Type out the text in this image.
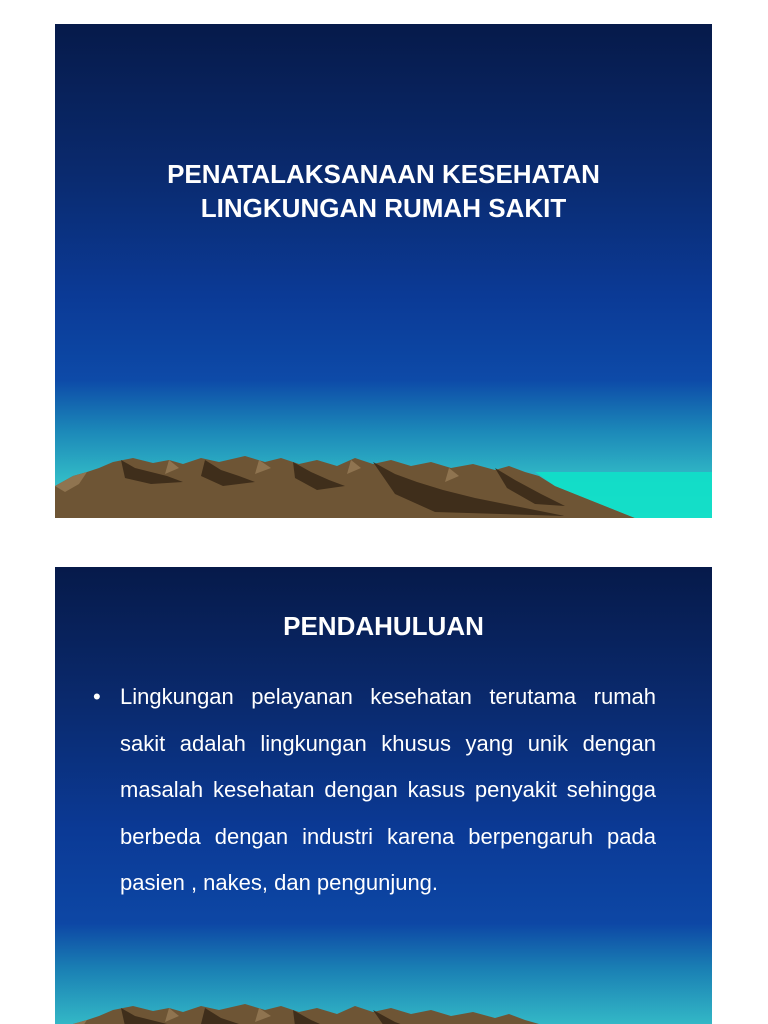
PENATALAKSANAAN KESEHATAN
LINGKUNGAN RUMAH SAKIT
PENDAHULUAN
• Lingkungan pelayanan kesehatan terutama rumah sakit adalah lingkungan khusus yang unik dengan masalah kesehatan dengan kasus penyakit sehingga berbeda dengan industri karena berpengaruh pada pasien , nakes, dan pengunjung.
